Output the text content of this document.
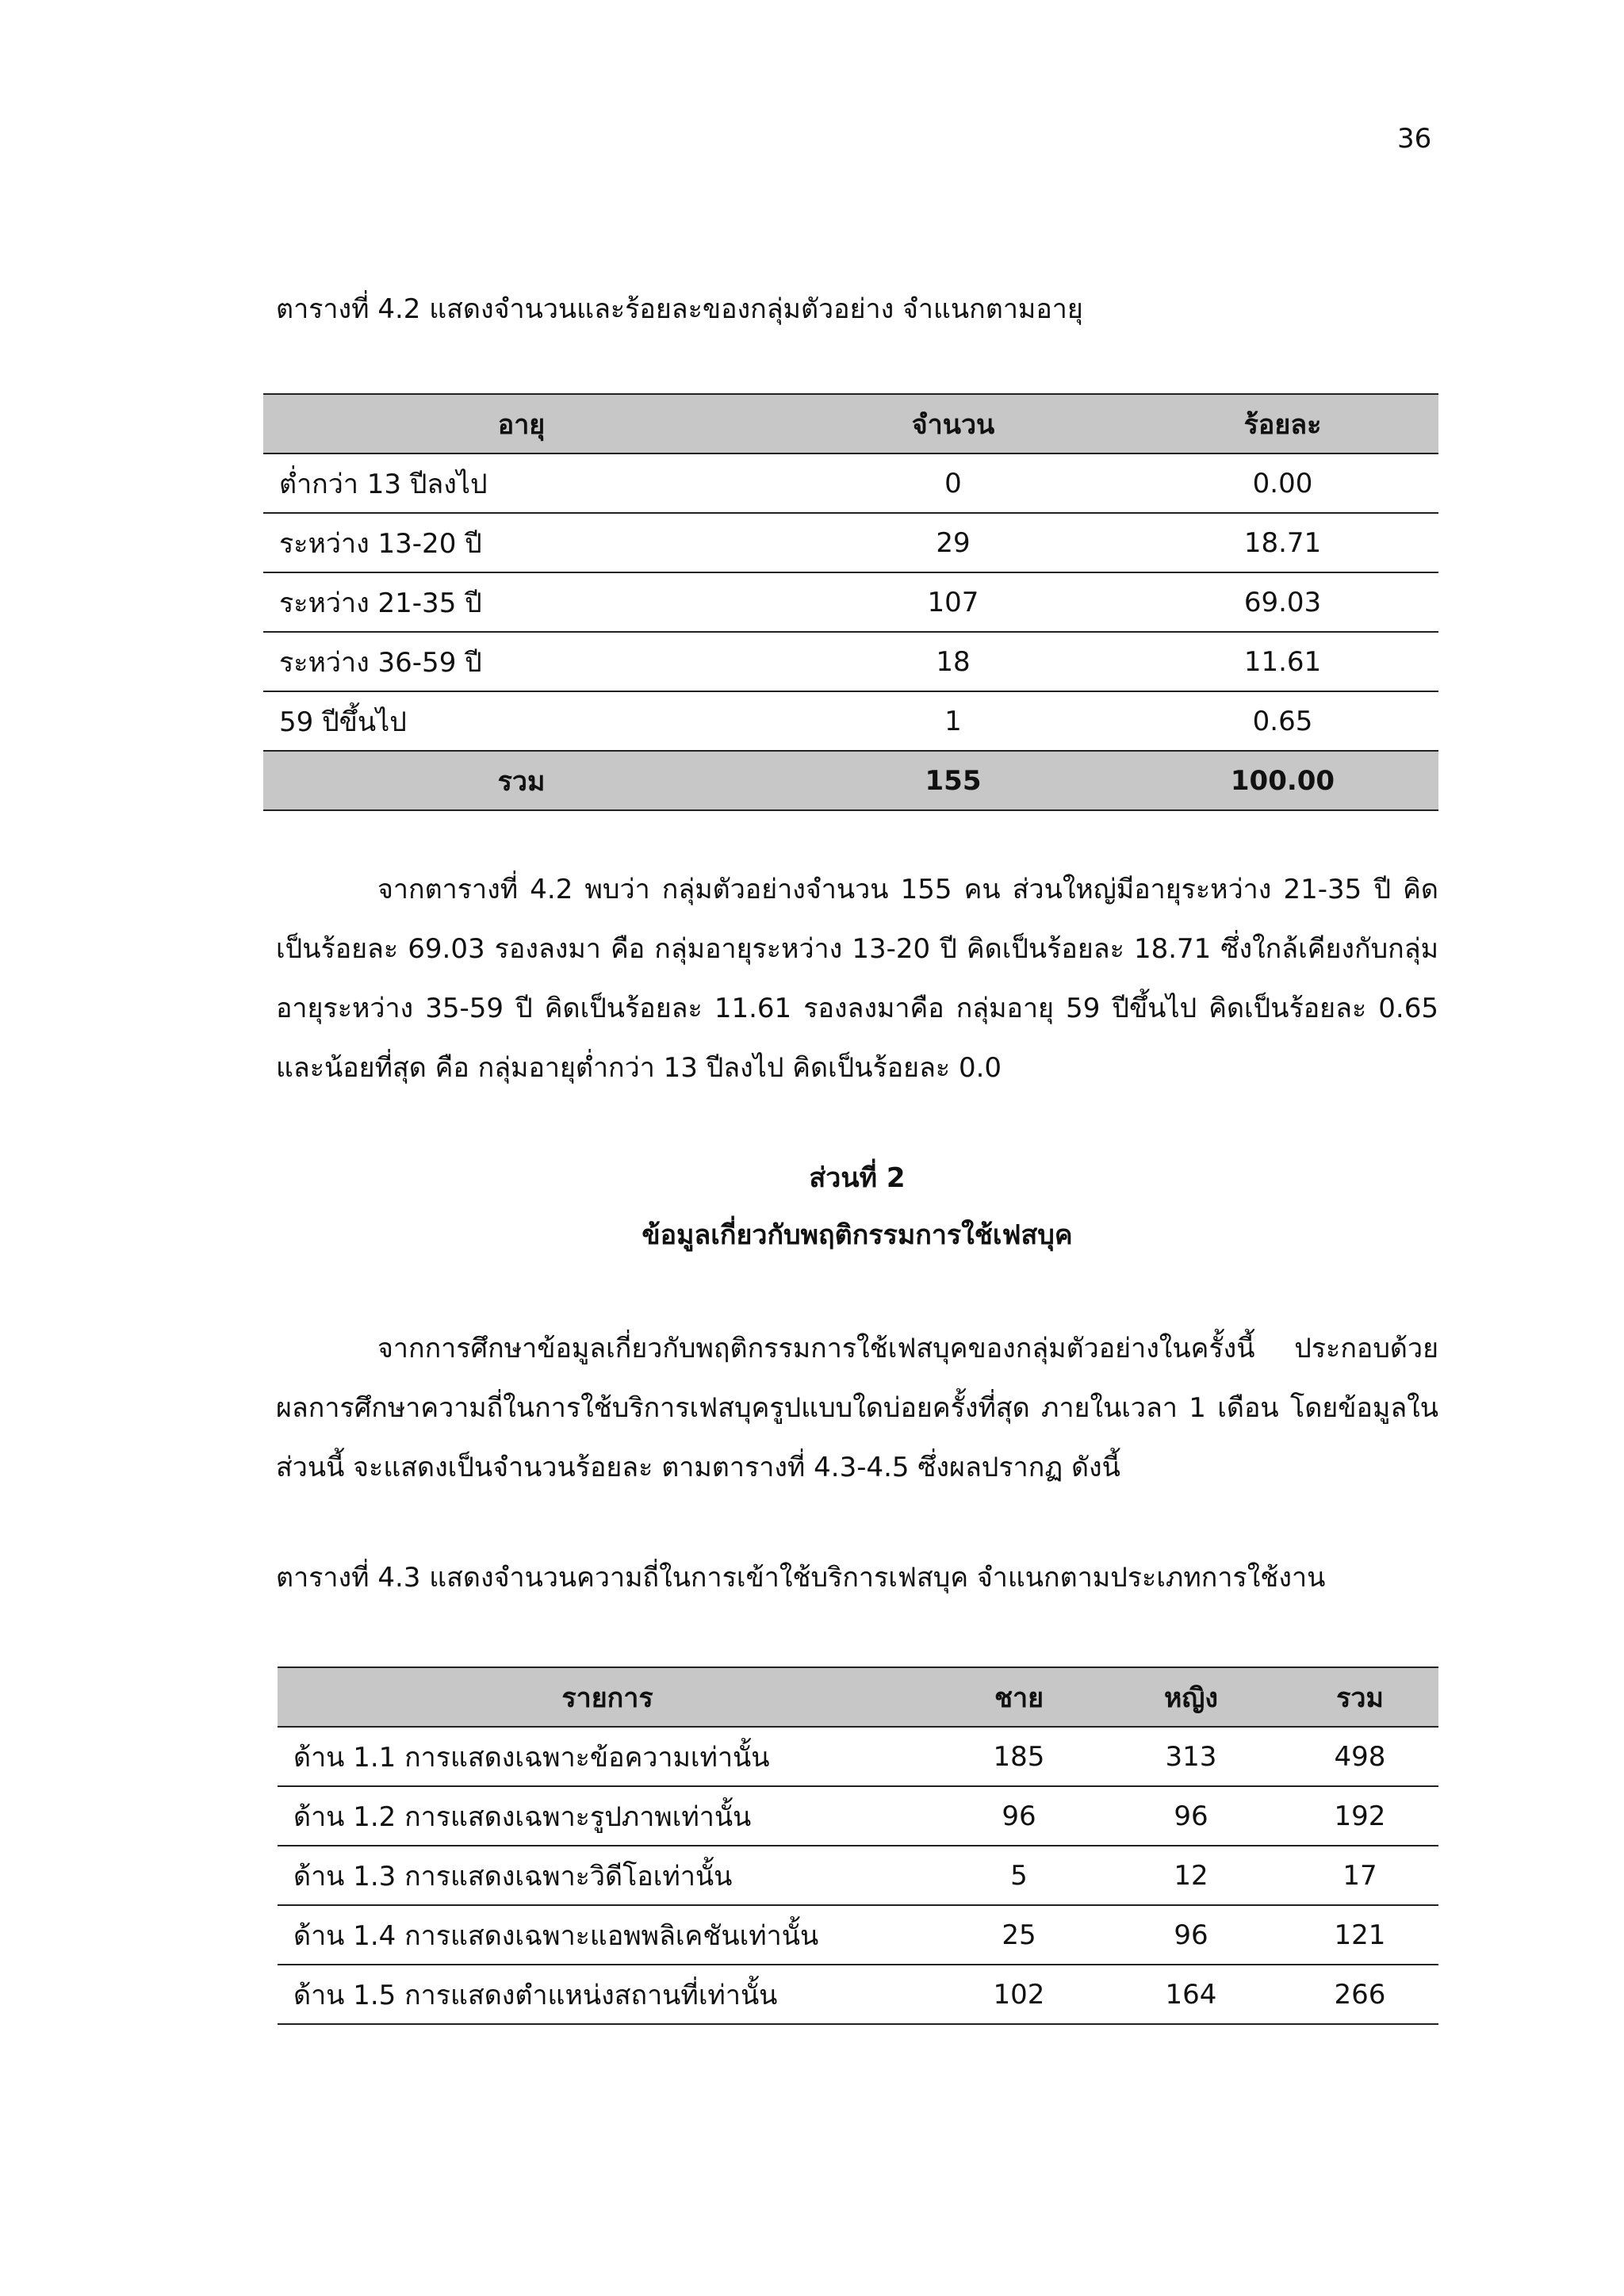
36
ตารางที่ 4.2 แสดงจำนวนและร้อยละของกลุ่มตัวอย่าง จำแนกตามอายุ
อายุ	จำนวน	ร้อยละ
ต่ำกว่า 13 ปีลงไป	0	0.00
ระหว่าง 13-20 ปี	29	18.71
ระหว่าง 21-35 ปี	107	69.03
ระหว่าง 36-59 ปี	18	11.61
59 ปีขึ้นไป	1	0.65
รวม	155	100.00

จากตารางที่ 4.2 พบว่า กลุ่มตัวอย่างจำนวน 155 คน ส่วนใหญ่มีอายุระหว่าง 21-35 ปี คิดเป็นร้อยละ 69.03 รองลงมา คือ กลุ่มอายุระหว่าง 13-20 ปี คิดเป็นร้อยละ 18.71 ซึ่งใกล้เคียงกับกลุ่มอายุระหว่าง 35-59 ปี คิดเป็นร้อยละ 11.61 รองลงมาคือ กลุ่มอายุ 59 ปีขึ้นไป คิดเป็นร้อยละ 0.65 และน้อยที่สุด คือ กลุ่มอายุต่ำกว่า 13 ปีลงไป คิดเป็นร้อยละ 0.0

ส่วนที่ 2
ข้อมูลเกี่ยวกับพฤติกรรมการใช้เฟสบุค

จากการศึกษาข้อมูลเกี่ยวกับพฤติกรรมการใช้เฟสบุคของกลุ่มตัวอย่างในครั้งนี้ ประกอบด้วยผลการศึกษาความถี่ในการใช้บริการเฟสบุครูปแบบใดบ่อยครั้งที่สุด ภายในเวลา 1 เดือน โดยข้อมูลในส่วนนี้ จะแสดงเป็นจำนวนร้อยละ ตามตารางที่ 4.3-4.5 ซึ่งผลปรากฏ ดังนี้

ตารางที่ 4.3 แสดงจำนวนความถี่ในการเข้าใช้บริการเฟสบุค จำแนกตามประเภทการใช้งาน
รายการ	ชาย	หญิง	รวม
ด้าน 1.1 การแสดงเฉพาะข้อความเท่านั้น	185	313	498
ด้าน 1.2 การแสดงเฉพาะรูปภาพเท่านั้น	96	96	192
ด้าน 1.3 การแสดงเฉพาะวิดีโอเท่านั้น	5	12	17
ด้าน 1.4 การแสดงเฉพาะแอพพลิเคชันเท่านั้น	25	96	121
ด้าน 1.5 การแสดงตำแหน่งสถานที่เท่านั้น	102	164	266
